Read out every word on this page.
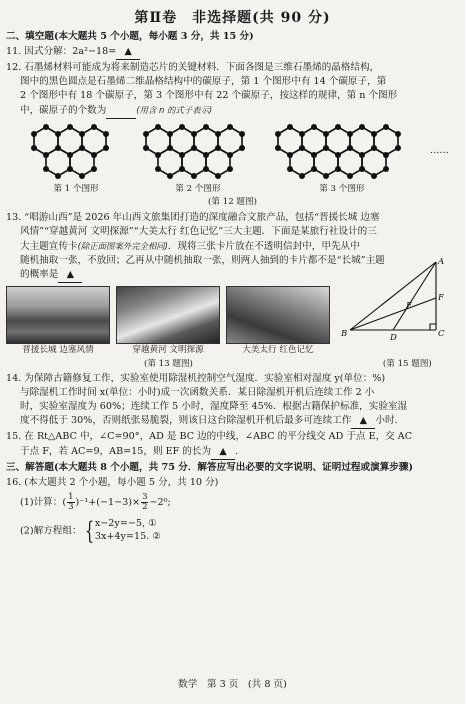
第Ⅱ卷　非选择题(共 90 分)
二、填空题(本大题共 5 个小题，每小题 3 分，共 15 分)
11. 因式分解：2a²−18= ▲
12. 石墨烯材料可能成为将来制造芯片的关键材料．下面各图是三维石墨烯的晶格结构，
图中的黑色圆点是石墨烯二维晶格结构中的碳原子，第 1 个图形中有 14 个碳原子，第
2 个图形中有 18 个碳原子，第 3 个图形中有 22 个碳原子，按这样的规律，第 n 个图形
中，碳原子的个数为	(用含 n 的式子表示)
第 1 个图形	第 2 个图形	第 3 个图形
……
(第 12 题图)
13. “唱游山西”是 2026 年山西文旅集团打造的深度融合文旅产品，包括“晋援长城 边塞
风情”“穿越黄河 文明探源”“大美太行 红色记忆”三大主题．下面是某旅行社设计的三
大主题宣传卡(除正面图案外完全相同)．现将三张卡片放在不透明信封中，甲先从中
随机抽取一张，不放回；乙再从中随机抽取一张，则两人抽到的卡片都不是“长城”主题
的概率是 ▲
晋援长城 边塞风情	穿越黄河 文明探源	大美太行 红色记忆
A
B	C
D
E
F
(第 13 题图)	(第 15 题图)
14. 为保障古籍修复工作，实验室使用除湿机控制空气湿度．实验室相对湿度 y(单位：%)
与除湿机工作时间 x(单位：小时)成一次函数关系．某日除湿机开机后连续工作 2 小
时，实验室湿度为 60%；连续工作 5 小时，湿度降至 45%．根据古籍保护标准，实验室湿
度不得低于 30%，否则纸张易脆裂，则该日这台除湿机开机后最多可连续工作 ▲ 小时.
15. 在 Rt△ABC 中，∠C=90°，AD 是 BC 边的中线，∠ABC 的平分线交 AD 于点 E，交 AC
于点 F，若 AC=9，AB=15，则 EF 的长为 ▲ .
三、解答题(本大题共 8 个小题，共 75 分．解答应写出必要的文字说明、证明过程或演算步骤)
16. (本大题共 2 个小题，每小题 5 分，共 10 分)
(1)计算：( $\frac{1}{3} )^{-1}+(-1-3)\times \frac{3}{2} -2^0$;
(2)解方程组： { x−2y=−5, ①
3x+4y=15. ②
数学　第 3 页　(共 8 页)
